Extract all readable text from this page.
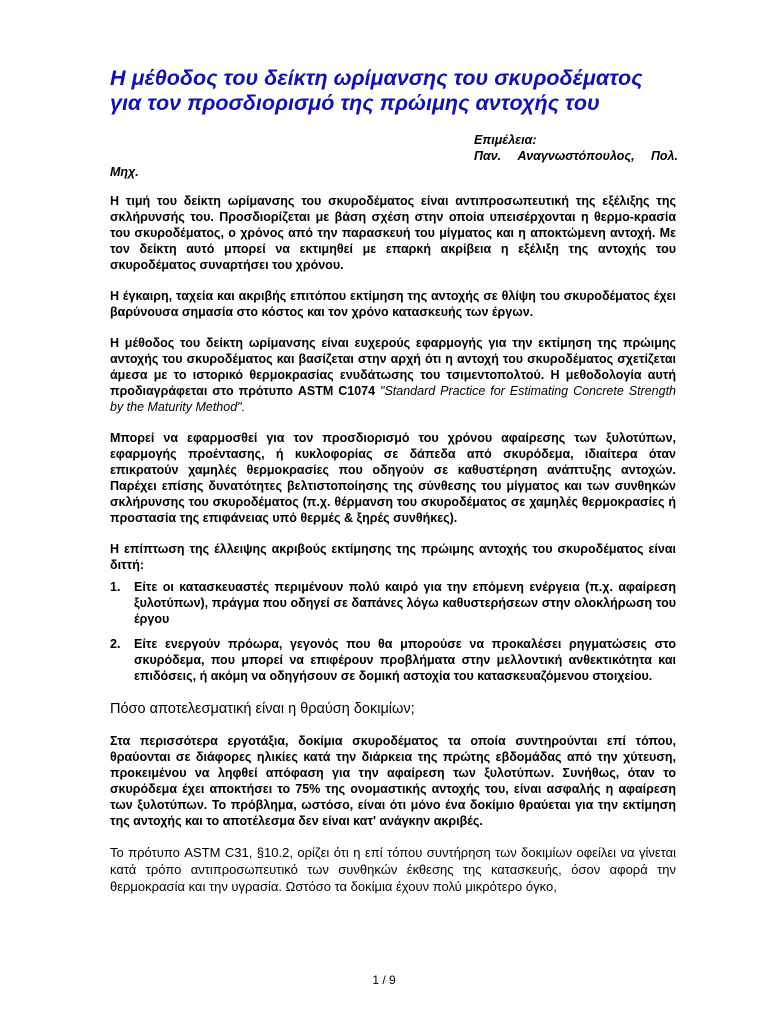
Η μέθοδος του δείκτη ωρίμανσης του σκυροδέματος
για τον προσδιορισμό της πρώιμης αντοχής του
Επιμέλεια:
Παν. Αναγνωστόπουλος, Πολ.
Μηχ.

Η τιμή του δείκτη ωρίμανσης του σκυροδέματος είναι αντιπροσωπευτική της εξέλιξης της σκλήρυνσής του. Προσδιορίζεται με βάση σχέση στην οποία υπεισέρχονται η θερμο-κρασία του σκυροδέματος, ο χρόνος από την παρασκευή του μίγματος και η αποκτώμενη αντοχή. Με τον δείκτη αυτό μπορεί να εκτιμηθεί με επαρκή ακρίβεια η εξέλιξη της αντοχής του σκυροδέματος συναρτήσει του χρόνου.

Η έγκαιρη, ταχεία και ακριβής επιτόπου εκτίμηση της αντοχής σε θλίψη του σκυροδέματος έχει βαρύνουσα σημασία στο κόστος και τον χρόνο κατασκευής των έργων.

Η μέθοδος του δείκτη ωρίμανσης είναι ευχερούς εφαρμογής για την εκτίμηση της πρώιμης αντοχής του σκυροδέματος και βασίζεται στην αρχή ότι η αντοχή του σκυροδέματος σχετίζεται άμεσα με το ιστορικό θερμοκρασίας ενυδάτωσης του τσιμεντοπολτού. Η μεθοδολογία αυτή προδιαγράφεται στο πρότυπο ASTM C1074 "Standard Practice for Estimating Concrete Strength by the Maturity Method".

Μπορεί να εφαρμοσθεί για τον προσδιορισμό του χρόνου αφαίρεσης των ξυλοτύπων, εφαρμογής προέντασης, ή κυκλοφορίας σε δάπεδα από σκυρόδεμα, ιδιαίτερα όταν επικρατούν χαμηλές θερμοκρασίες που οδηγούν σε καθυστέρηση ανάπτυξης αντοχών. Παρέχει επίσης δυνατότητες βελτιστοποίησης της σύνθεσης του μίγματος και των συνθηκών σκλήρυνσης του σκυροδέματος (π.χ. θέρμανση του σκυροδέματος σε χαμηλές θερμοκρασίες ή προστασία της επιφάνειας υπό θερμές & ξηρές συνθήκες).

Η επίπτωση της έλλειψης ακριβούς εκτίμησης της πρώιμης αντοχής του σκυροδέματος είναι διττή:

1.	Είτε οι κατασκευαστές περιμένουν πολύ καιρό για την επόμενη ενέργεια (π.χ. αφαίρεση ξυλοτύπων), πράγμα που οδηγεί σε δαπάνες λόγω καθυστερήσεων στην ολοκλήρωση του έργου
2.	Είτε ενεργούν πρόωρα, γεγονός που θα μπορούσε να προκαλέσει ρηγματώσεις στο σκυρόδεμα, που μπορεί να επιφέρουν προβλήματα στην μελλοντική ανθεκτικότητα και επιδόσεις, ή ακόμη να οδηγήσουν σε δομική αστοχία του κατασκευαζόμενου στοιχείου.
Πόσο αποτελεσματική είναι η θραύση δοκιμίων;

Στα περισσότερα εργοτάξια, δοκίμια σκυροδέματος τα οποία συντηρούνται επί τόπου, θραύονται σε διάφορες ηλικίες κατά την διάρκεια της πρώτης εβδομάδας από την χύτευση, προκειμένου να ληφθεί απόφαση για την αφαίρεση των ξυλοτύπων. Συνήθως, όταν το σκυρόδεμα έχει αποκτήσει το 75% της ονομαστικής αντοχής του, είναι ασφαλής η αφαίρεση των ξυλοτύπων. Το πρόβλημα, ωστόσο, είναι ότι μόνο ένα δοκίμιο θραύεται για την εκτίμηση της αντοχής και το αποτέλεσμα δεν είναι κατ' ανάγκην ακριβές.

Το πρότυπο ASTM C31, §10.2, ορίζει ότι η επί τόπου συντήρηση των δοκιμίων οφείλει να γίνεται κατά τρόπο αντιπροσωπευτικό των συνθηκών έκθεσης της κατασκευής, όσον αφορά την θερμοκρασία και την υγρασία. Ωστόσο τα δοκίμια έχουν πολύ μικρότερο όγκο,

1 / 9
